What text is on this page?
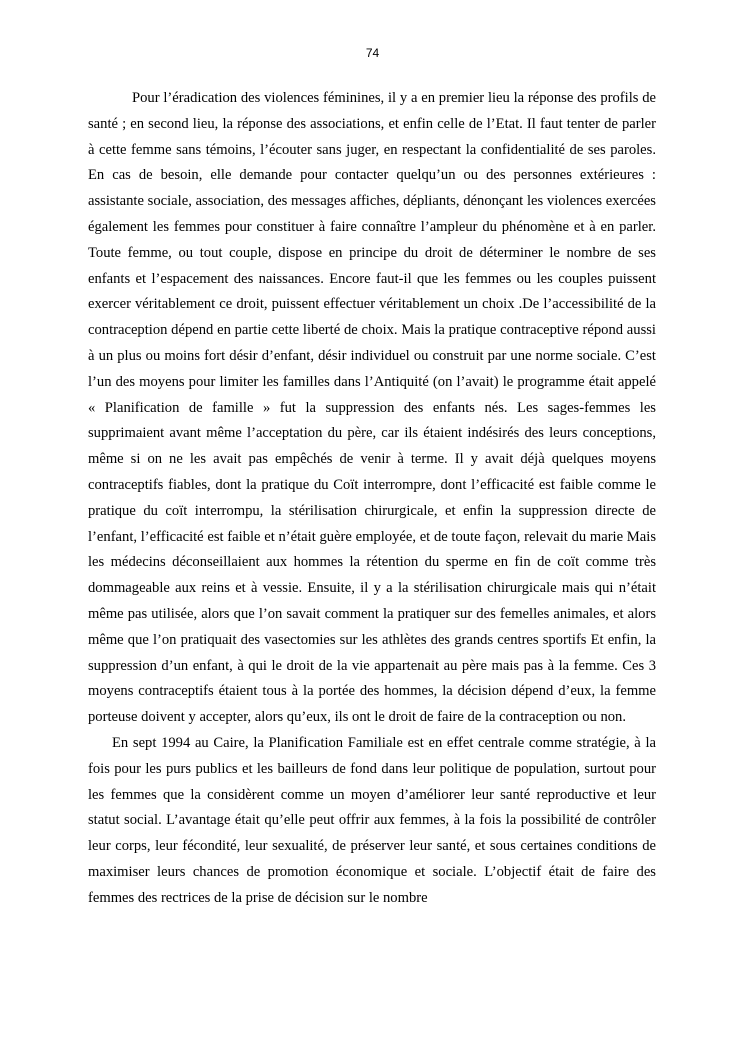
74

Pour l’éradication des violences féminines, il y a en premier lieu la réponse des profils de santé ; en second lieu, la réponse des associations, et enfin celle de l’Etat. Il faut tenter de parler à cette femme sans témoins, l’écouter sans juger, en respectant la confidentialité de ses paroles. En cas de besoin, elle demande pour contacter quelqu’un ou des personnes extérieures : assistante sociale, association, des messages affiches, dépliants, dénonçant les violences exercées également les femmes pour constituer à faire connaître l’ampleur du phénomène et à en parler. Toute femme, ou tout couple, dispose en principe du droit de déterminer le nombre de ses enfants et l’espacement des naissances. Encore faut-il que les femmes ou les couples puissent exercer véritablement ce droit, puissent effectuer véritablement un choix .De l’accessibilité de la contraception dépend en partie cette liberté de choix. Mais la pratique contraceptive répond aussi à un plus ou moins fort désir d’enfant, désir individuel ou construit par une norme sociale. C’est l’un des moyens pour limiter les familles dans l’Antiquité (on l’avait) le programme était appelé « Planification de famille » fut la suppression des enfants nés. Les sages-femmes les supprimaient avant même l’acceptation du père, car ils étaient indésirés des leurs conceptions, même si on ne les avait pas empêchés de venir à terme. Il y avait déjà quelques moyens contraceptifs fiables, dont la pratique du Coït interrompre, dont l’efficacité est faible comme le pratique du coït interrompu, la stérilisation chirurgicale, et enfin la suppression directe de l’enfant, l’efficacité est faible et n’était guère employée, et de toute façon, relevait du marie Mais les médecins déconseillaient aux hommes la rétention du sperme en fin de coït comme très dommageable aux reins et à vessie. Ensuite, il y a la stérilisation chirurgicale mais qui n’était même pas utilisée, alors que l’on savait comment la pratiquer sur des femelles animales, et alors même que l’on pratiquait des vasectomies sur les athlètes des grands centres sportifs Et enfin, la suppression d’un enfant, à qui le droit de la vie appartenait au père mais pas à la femme. Ces 3 moyens contraceptifs étaient tous à la portée des hommes, la décision dépend d’eux, la femme porteuse doivent y accepter, alors qu’eux, ils ont le droit de faire de la contraception ou non.

En sept 1994 au Caire, la Planification Familiale est en effet centrale comme stratégie, à la fois pour les purs publics et les bailleurs de fond dans leur politique de population, surtout pour les femmes que la considèrent comme un moyen d’améliorer leur santé reproductive et leur statut social. L’avantage était qu’elle peut offrir aux femmes, à la fois la possibilité de contrôler leur corps, leur fécondité, leur sexualité, de préserver leur santé, et sous certaines conditions de maximiser leurs chances de promotion économique et sociale. L’objectif était de faire des femmes des rectrices de la prise de décision sur le nombre
